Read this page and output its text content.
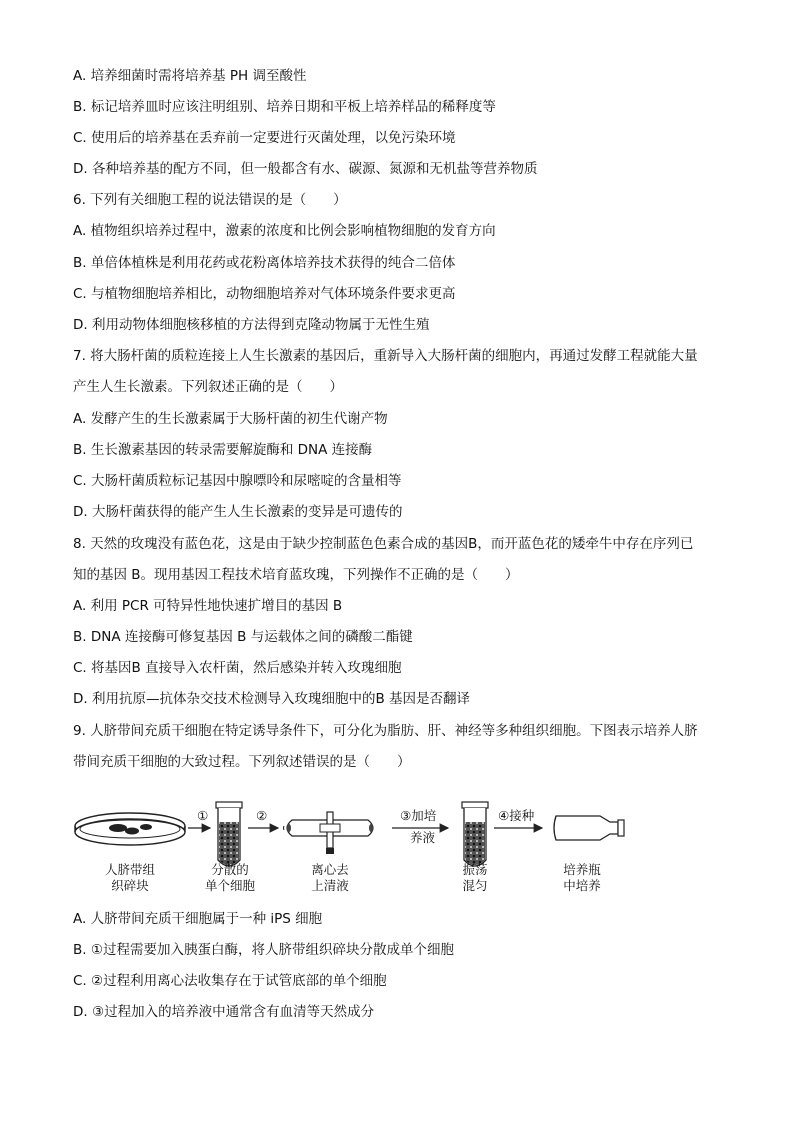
A. 培养细菌时需将培养基 PH 调至酸性
B. 标记培养皿时应该注明组别、培养日期和平板上培养样品的稀释度等
C. 使用后的培养基在丢弃前一定要进行灭菌处理，以免污染环境
D. 各种培养基的配方不同，但一般都含有水、碳源、氮源和无机盐等营养物质
6. 下列有关细胞工程的说法错误的是（　　）
A. 植物组织培养过程中，激素的浓度和比例会影响植物细胞的发育方向
B. 单倍体植株是利用花药或花粉离体培养技术获得的纯合二倍体
C. 与植物细胞培养相比，动物细胞培养对气体环境条件要求更高
D. 利用动物体细胞核移植的方法得到克隆动物属于无性生殖
7. 将大肠杆菌的质粒连接上人生长激素的基因后，重新导入大肠杆菌的细胞内，再通过发酵工程就能大量
产生人生长激素。下列叙述正确的是（　　）
A. 发酵产生的生长激素属于大肠杆菌的初生代谢产物
B. 生长激素基因的转录需要解旋酶和 DNA 连接酶
C. 大肠杆菌质粒标记基因中腺嘌呤和尿嘧啶的含量相等
D. 大肠杆菌获得的能产生人生长激素的变异是可遗传的
8. 天然的玫瑰没有蓝色花，这是由于缺少控制蓝色色素合成的基因B，而开蓝色花的矮牵牛中存在序列已
知的基因 B。现用基因工程技术培育蓝玫瑰，下列操作不正确的是（　　）
A. 利用 PCR 可特异性地快速扩增目的基因 B
B. DNA 连接酶可修复基因 B 与运载体之间的磷酸二酯键
C. 将基因B 直接导入农杆菌，然后感染并转入玫瑰细胞
D. 利用抗原—抗体杂交技术检测导入玫瑰细胞中的B 基因是否翻译
9. 人脐带间充质干细胞在特定诱导条件下，可分化为脂肪、肝、神经等多种组织细胞。下图表示培养人脐
带间充质干细胞的大致过程。下列叙述错误的是（　　）
①	②	③加培
养液
④接种
人脐带组
织碎块
分散的
单个细胞
离心去
上清液
振荡
混匀
培养瓶
中培养
A. 人脐带间充质干细胞属于一种 iPS 细胞
B. ①过程需要加入胰蛋白酶，将人脐带组织碎块分散成单个细胞
C. ②过程利用离心法收集存在于试管底部的单个细胞
D. ③过程加入的培养液中通常含有血清等天然成分
